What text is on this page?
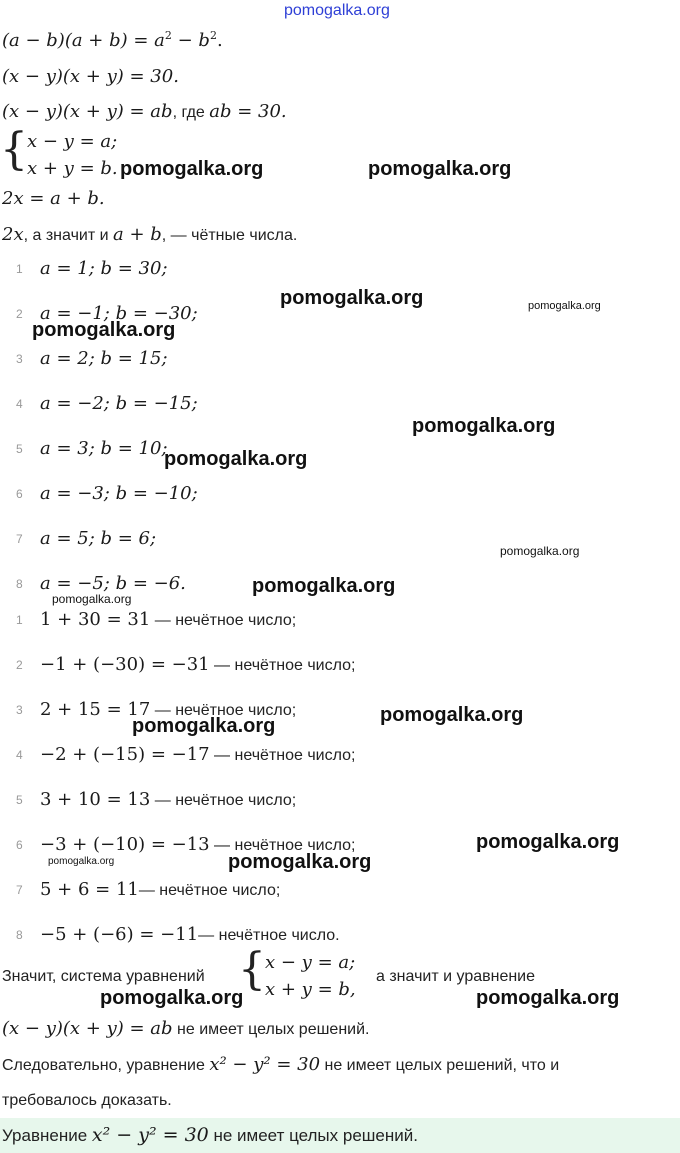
pomogalka.org
$(a - b)(a + b) = a^2 - b^2$.
(x − y)(x + y) = 30.
(x − y)(x + y) = ab, где ab = 30.
{ x − y = a;
x + y = b.
2x = a + b.
2x, а значит и a + b, — чётные числа.
1 a = 1; b = 30;
2 a = −1; b = −30;
3 a = 2; b = 15;
4 a = −2; b = −15;
5 a = 3; b = 10;
6 a = −3; b = −10;
7 a = 5; b = 6;
8 a = −5; b = −6.
1 1 + 30 = 31 — нечётное число;
2 −1 + (−30) = −31 — нечётное число;
3 2 + 15 = 17 — нечётное число;
4 −2 + (−15) = −17 — нечётное число;
5 3 + 10 = 13 — нечётное число;
6 −3 + (−10) = −13 — нечётное число;
7 5 + 6 = 11— нечётное число;
8 −5 + (−6) = −11— нечётное число.
Значит, система уравнений { x − y = a;
x + y = b,
а значит и уравнение
(x − y)(x + y) = ab не имеет целых решений.
Следовательно, уравнение x² − y² = 30 не имеет целых решений, что и
требовалось доказать.
Уравнение x² − y² = 30 не имеет целых решений.
pomogalka.org	pomogalka.org
pomogalka.org	pomogalka.org
pomogalka.org
pomogalka.org
pomogalka.org
pomogalka.org
pomogalka.org
pomogalka.org
pomogalka.org	pomogalka.org
pomogalka.org
pomogalka.org	pomogalka.org
pomogalka.org	pomogalka.org
